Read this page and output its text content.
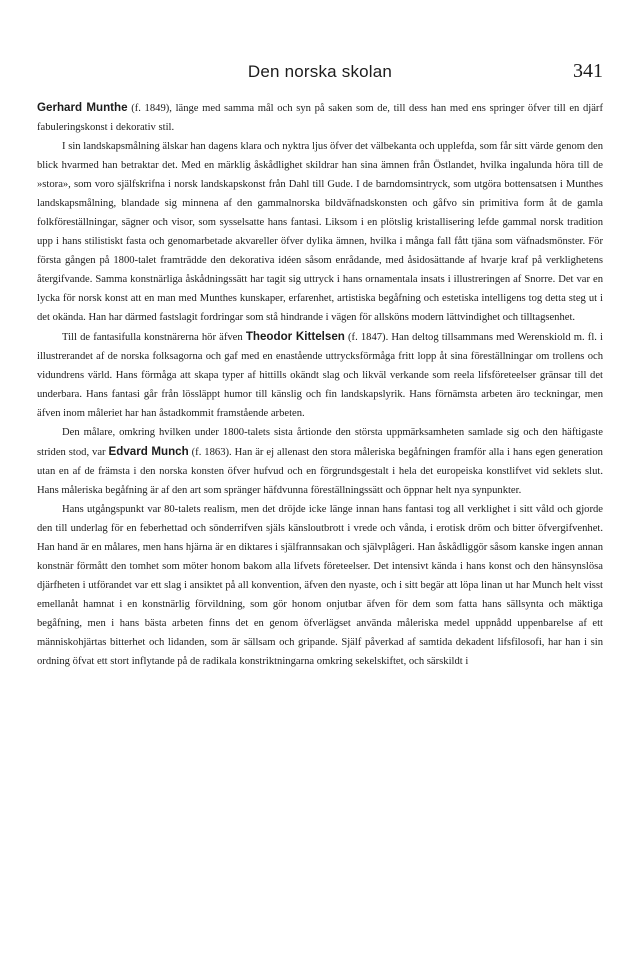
Den norska skolan	341

Gerhard Munthe (f. 1849), länge med samma mål och syn på saken som de, till dess han med ens springer öfver till en djärf fabuleringskonst i dekorativ stil.

I sin landskapsmålning älskar han dagens klara och nyktra ljus öfver det välbekanta och upplefda, som får sitt värde genom den blick hvarmed han betraktar det. Med en märklig åskådlighet skildrar han sina ämnen från Östlandet, hvilka ingalunda höra till de »stora», som voro själfskrifna i norsk landskapskonst från Dahl till Gude. I de barndomsintryck, som utgöra bottensatsen i Munthes landskapsmålning, blandade sig minnena af den gammalnorska bildväfnadskonsten och gåfvo sin primitiva form åt de gamla folkföreställningar, sägner och visor, som sysselsatte hans fantasi. Liksom i en plötslig kristallisering lefde gammal norsk tradition upp i hans stilistiskt fasta och genomarbetade akvareller öfver dylika ämnen, hvilka i många fall fått tjäna som väfnadsmönster. För första gången på 1800-talet framträdde den dekorativa idéen såsom enrådande, med åsidosättande af hvarje kraf på verklighetens återgifvande. Samma konstnärliga åskådningssätt har tagit sig uttryck i hans ornamentala insats i illustreringen af Snorre. Det var en lycka för norsk konst att en man med Munthes kunskaper, erfarenhet, artistiska begåfning och estetiska intelligens tog detta steg ut i det okända. Han har därmed fastslagit fordringar som stå hindrande i vägen för allsköns modern lättvindighet och tilltagsenhet.

Till de fantasifulla konstnärerna hör äfven Theodor Kittelsen (f. 1847). Han deltog tillsammans med Werenskiold m. fl. i illustrerandet af de norska folksagorna och gaf med en enastående uttrycksförmåga fritt lopp åt sina föreställningar om trollens och vidundrens värld. Hans förmåga att skapa typer af hittills okändt slag och likväl verkande som reela lifsföreteelser gränsar till det underbara. Hans fantasi går från lössläppt humor till känslig och fin landskapslyrik. Hans förnämsta arbeten äro teckningar, men äfven inom måleriet har han åstadkommit framstående arbeten.

Den målare, omkring hvilken under 1800-talets sista årtionde den största uppmärksamheten samlade sig och den häftigaste striden stod, var Edvard Munch (f. 1863). Han är ej allenast den stora måleriska begåfningen framför alla i hans egen generation utan en af de främsta i den norska konsten öfver hufvud och en förgrundsgestalt i hela det europeiska konstlifvet vid seklets slut. Hans måleriska begåfning är af den art som spränger häfdvunna föreställningssätt och öppnar helt nya synpunkter.

Hans utgångspunkt var 80-talets realism, men det dröjde icke länge innan hans fantasi tog all verklighet i sitt våld och gjorde den till underlag för en feberhettad och sönderrifven själs känsloutbrott i vrede och vånda, i erotisk dröm och bitter öfvergifvenhet. Han hand är en målares, men hans hjärna är en diktares i själfrannsakan och självplågeri. Han åskådliggör såsom kanske ingen annan konstnär förmått den tomhet som möter honom bakom alla lifvets företeelser. Det intensivt kända i hans konst och den hänsynslösa djärfheten i utförandet var ett slag i ansiktet på all konvention, äfven den nyaste, och i sitt begär att löpa linan ut har Munch helt visst emellanåt hamnat i en konstnärlig förvildning, som gör honom onjutbar äfven för dem som fatta hans sällsynta och mäktiga begåfning, men i hans bästa arbeten finns det en genom öfverlägset använda måleriska medel uppnådd uppenbarelse af ett människohjärtas bitterhet och lidanden, som är sällsam och gripande. Själf påverkad af samtida dekadent lifsfilosofi, har han i sin ordning öfvat ett stort inflytande på de radikala konstriktningarna omkring sekelskiftet, och särskildt i
